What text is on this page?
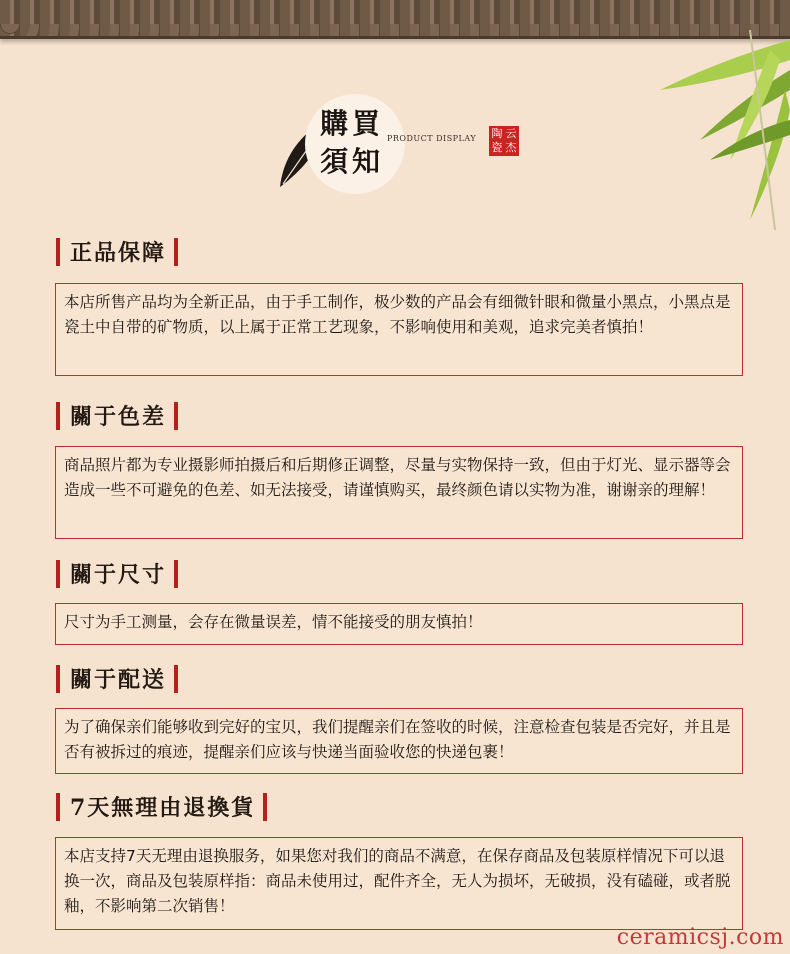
購買
須知
PRODUCT DISPLAY 陶 云
瓷 杰
正品保障
本店所售产品均为全新正品，由于手工制作，极少数的产品会有细微针眼和微量小黑点，小黑点是瓷土中自带的矿物质，以上属于正常工艺现象，不影响使用和美观，追求完美者慎拍！
關于色差
商品照片都为专业摄影师拍摄后和后期修正调整，尽量与实物保持一致，但由于灯光、显示器等会造成一些不可避免的色差、如无法接受，请谨慎购买，最终颜色请以实物为准，谢谢亲的理解！
關于尺寸
尺寸为手工测量，会存在微量误差，情不能接受的朋友慎拍！
關于配送
为了确保亲们能够收到完好的宝贝，我们提醒亲们在签收的时候，注意检查包装是否完好，并且是否有被拆过的痕迹，提醒亲们应该与快递当面验收您的快递包裹！
7天無理由退換貨
本店支持7天无理由退换服务，如果您对我们的商品不满意，在保存商品及包装原样情况下可以退换一次，商品及包装原样指：商品未使用过，配件齐全，无人为损坏，无破损，没有磕碰，或者脱釉，不影响第二次销售！
ceramicsj.com
